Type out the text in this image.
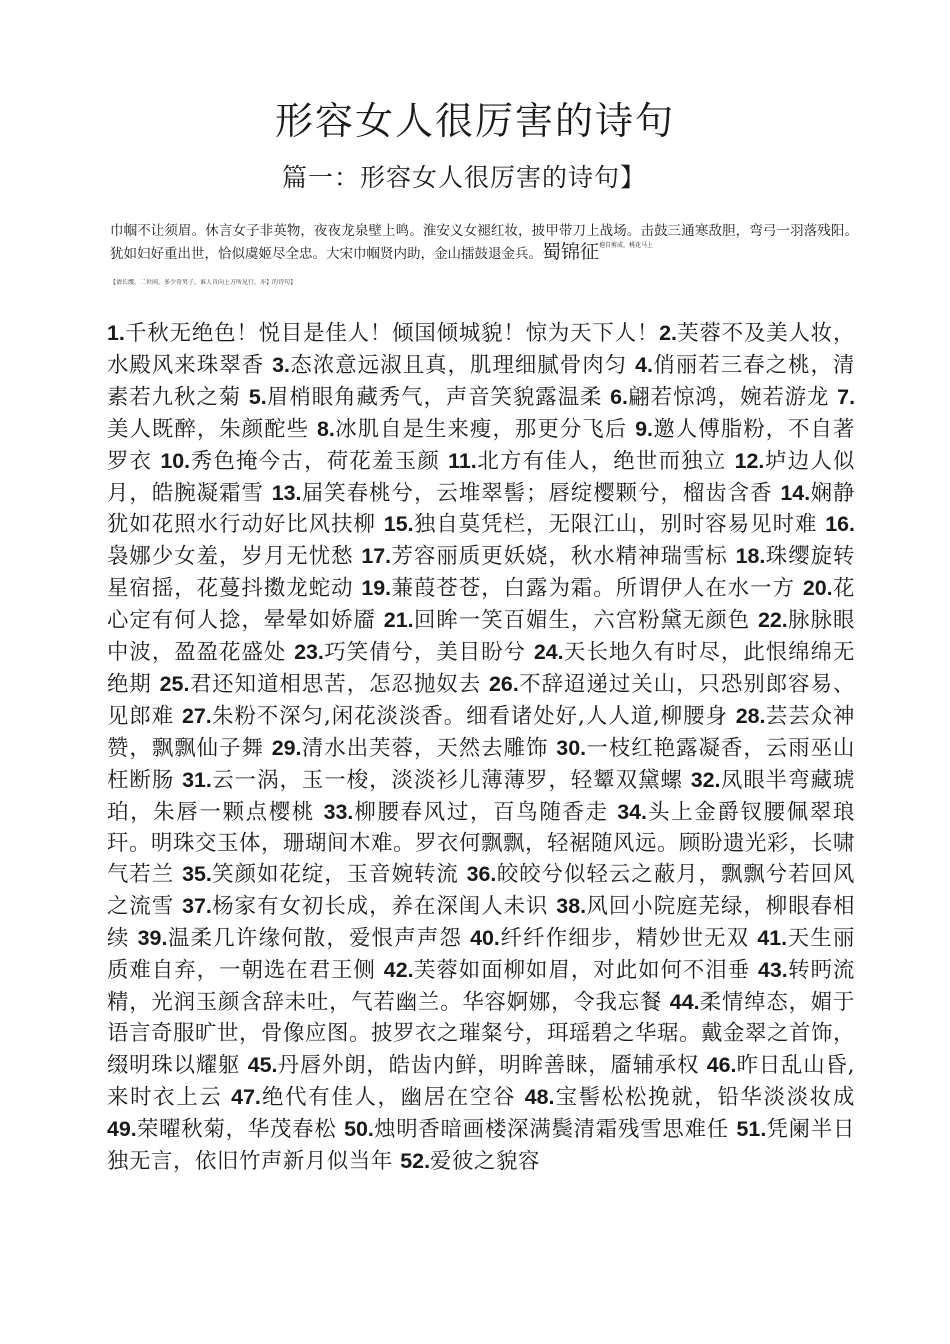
形容女人很厉害的诗句
篇一：形容女人很厉害的诗句】

巾帼不让须眉。休言女子非英物，夜夜龙泉壁上鸣。淮安义女褪红妆，披甲带刀上战场。击鼓三通寒敌胆，弯弓一羽落残阳。犹如妇好重出世，恰似虞姬尽全忠。大宋巾帼贤内助，金山擂鼓退金兵。蜀锦征$^{袍自剪成,桃花马上}$

【请长缨，二世间，多少奇男子，谁人肯向上方所见行，亦】的诗句】

1.千秋无绝色！悦目是佳人！倾国倾城貌！惊为天下人！2.芙蓉不及美人妆，水殿风来珠翠香 3.态浓意远淑且真，肌理细腻骨肉匀 4.俏丽若三春之桃，清素若九秋之菊 5.眉梢眼角藏秀气，声音笑貌露温柔 6.翩若惊鸿，婉若游龙 7.美人既醉，朱颜酡些 8.冰肌自是生来瘦，那更分飞后 9.邀人傅脂粉，不自著罗衣 10.秀色掩今古，荷花羞玉颜 11.北方有佳人，绝世而独立 12.垆边人似月，皓腕凝霜雪 13.届笑春桃兮，云堆翠髻；唇绽樱颗兮，榴齿含香 14.娴静犹如花照水行动好比风扶柳 15.独自莫凭栏，无限江山，别时容易见时难 16.袅娜少女羞，岁月无忧愁 17.芳容丽质更妖娆，秋水精神瑞雪标 18.珠缨旋转星宿摇，花蔓抖擞龙蛇动 19.蒹葭苍苍，白露为霜。所谓伊人在水一方 20.花心定有何人捻，晕晕如娇靥 21.回眸一笑百媚生，六宫粉黛无颜色 22.脉脉眼中波，盈盈花盛处 23.巧笑倩兮，美目盼兮 24.天长地久有时尽，此恨绵绵无绝期 25.君还知道相思苦，怎忍抛奴去 26.不辞迢递过关山，只恐别郎容易、见郎难 27.朱粉不深匀,闲花淡淡香。细看诸处好,人人道,柳腰身 28.芸芸众神赞，飘飘仙子舞 29.清水出芙蓉，天然去雕饰 30.一枝红艳露凝香，云雨巫山枉断肠 31.云一涡，玉一梭，淡淡衫儿薄薄罗，轻颦双黛螺 32.凤眼半弯藏琥珀，朱唇一颗点樱桃 33.柳腰春风过，百鸟随香走 34.头上金爵钗腰佩翠琅玕。明珠交玉体，珊瑚间木难。罗衣何飘飘，轻裾随风远。顾盼遗光彩，长啸气若兰 35.笑颜如花绽，玉音婉转流 36.皎皎兮似轻云之蔽月，飘飘兮若回风之流雪 37.杨家有女初长成，养在深闺人未识 38.风回小院庭芜绿，柳眼春相续 39.温柔几许缘何散，爱恨声声怨 40.纤纤作细步，精妙世无双 41.天生丽质难自弃，一朝选在君王侧 42.芙蓉如面柳如眉，对此如何不泪垂 43.转眄流精，光润玉颜含辞未吐，气若幽兰。华容婀娜，令我忘餐 44.柔情绰态，媚于语言奇服旷世，骨像应图。披罗衣之璀粲兮，珥瑶碧之华琚。戴金翠之首饰，缀明珠以耀躯 45.丹唇外朗，皓齿内鲜，明眸善睐，靥辅承权 46.昨日乱山昏,来时衣上云 47.绝代有佳人，幽居在空谷 48.宝髻松松挽就，铅华淡淡妆成 49.荣曜秋菊，华茂春松 50.烛明香暗画楼深满鬓清霜残雪思难任 51.凭阑半日独无言，依旧竹声新月似当年 52.爱彼之貌容
